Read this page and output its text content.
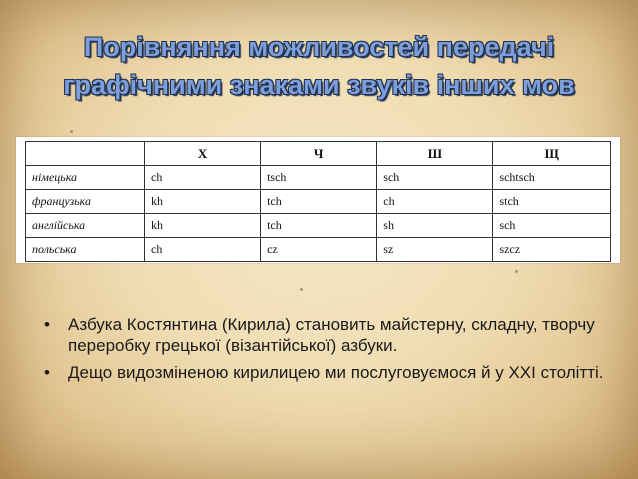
Порівняння можливостей передачі
графічними знаками звуків інших мов
	Х	Ч	Ш	Щ
німецька	ch	tsch	sch	schtsch
французька	kh	tch	ch	stch
англійська	kh	tch	sh	sch
польська	ch	cz	sz	szcz
• Азбука Костянтина (Кирила) становить майстерну, складну, творчу переробку грецької (візантійської) азбуки.
• Дещо видозміненою кирилицею ми послуговуємося й у ХХІ столітті.
